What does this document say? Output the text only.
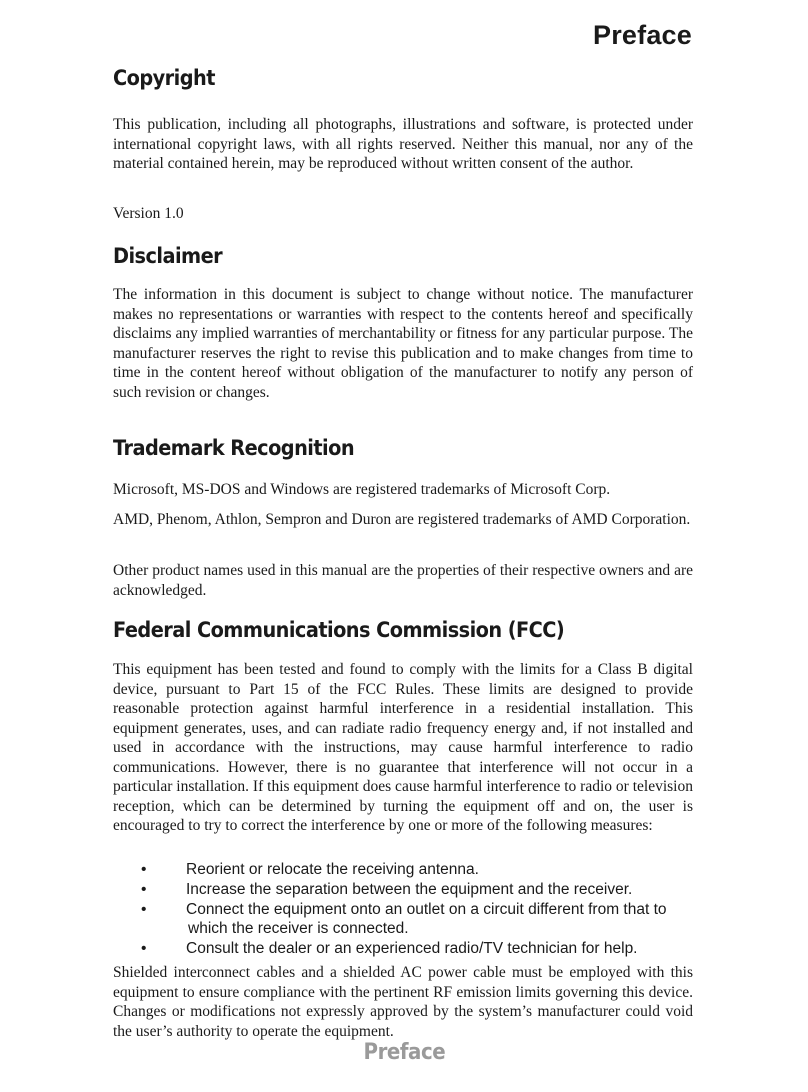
Preface
Copyright

This publication, including all photographs, illustrations and software, is protected under international copyright laws, with all rights reserved. Neither this manual, nor any of the material contained herein, may be reproduced without written consent of the author.

Version 1.0

Disclaimer

The information in this document is subject to change without notice. The manufacturer makes no representations or warranties with respect to the contents hereof and specifically disclaims any implied warranties of merchantability or fitness for any particular purpose. The manufacturer reserves the right to revise this publication and to make changes from time to time in the content hereof without obligation of the manufacturer to notify any person of such revision or changes.

Trademark Recognition

Microsoft, MS-DOS and Windows are registered trademarks of Microsoft Corp.

AMD, Phenom, Athlon, Sempron and Duron are registered trademarks of AMD Corporation.

Other product names used in this manual are the properties of their respective owners and are acknowledged.

Federal Communications Commission (FCC)

This equipment has been tested and found to comply with the limits for a Class B digital device, pursuant to Part 15 of the FCC Rules. These limits are designed to provide reasonable protection against harmful interference in a residential installation. This equipment generates, uses, and can radiate radio frequency energy and, if not installed and used in accordance with the instructions, may cause harmful interference to radio communications. However, there is no guarantee that interference will not occur in a particular installation. If this equipment does cause harmful interference to radio or television reception, which can be determined by turning the equipment off and on, the user is encouraged to try to correct the interference by one or more of the following measures:

•	Reorient or relocate the receiving antenna.
•	Increase the separation between the equipment and the receiver.
•	Connect the equipment onto an outlet on a circuit different from that to
which the receiver is connected.
•	Consult the dealer or an experienced radio/TV technician for help.

Shielded interconnect cables and a shielded AC power cable must be employed with this equipment to ensure compliance with the pertinent RF emission limits governing this device. Changes or modifications not expressly approved by the system’s manufacturer could void the user’s authority to operate the equipment.

Preface
